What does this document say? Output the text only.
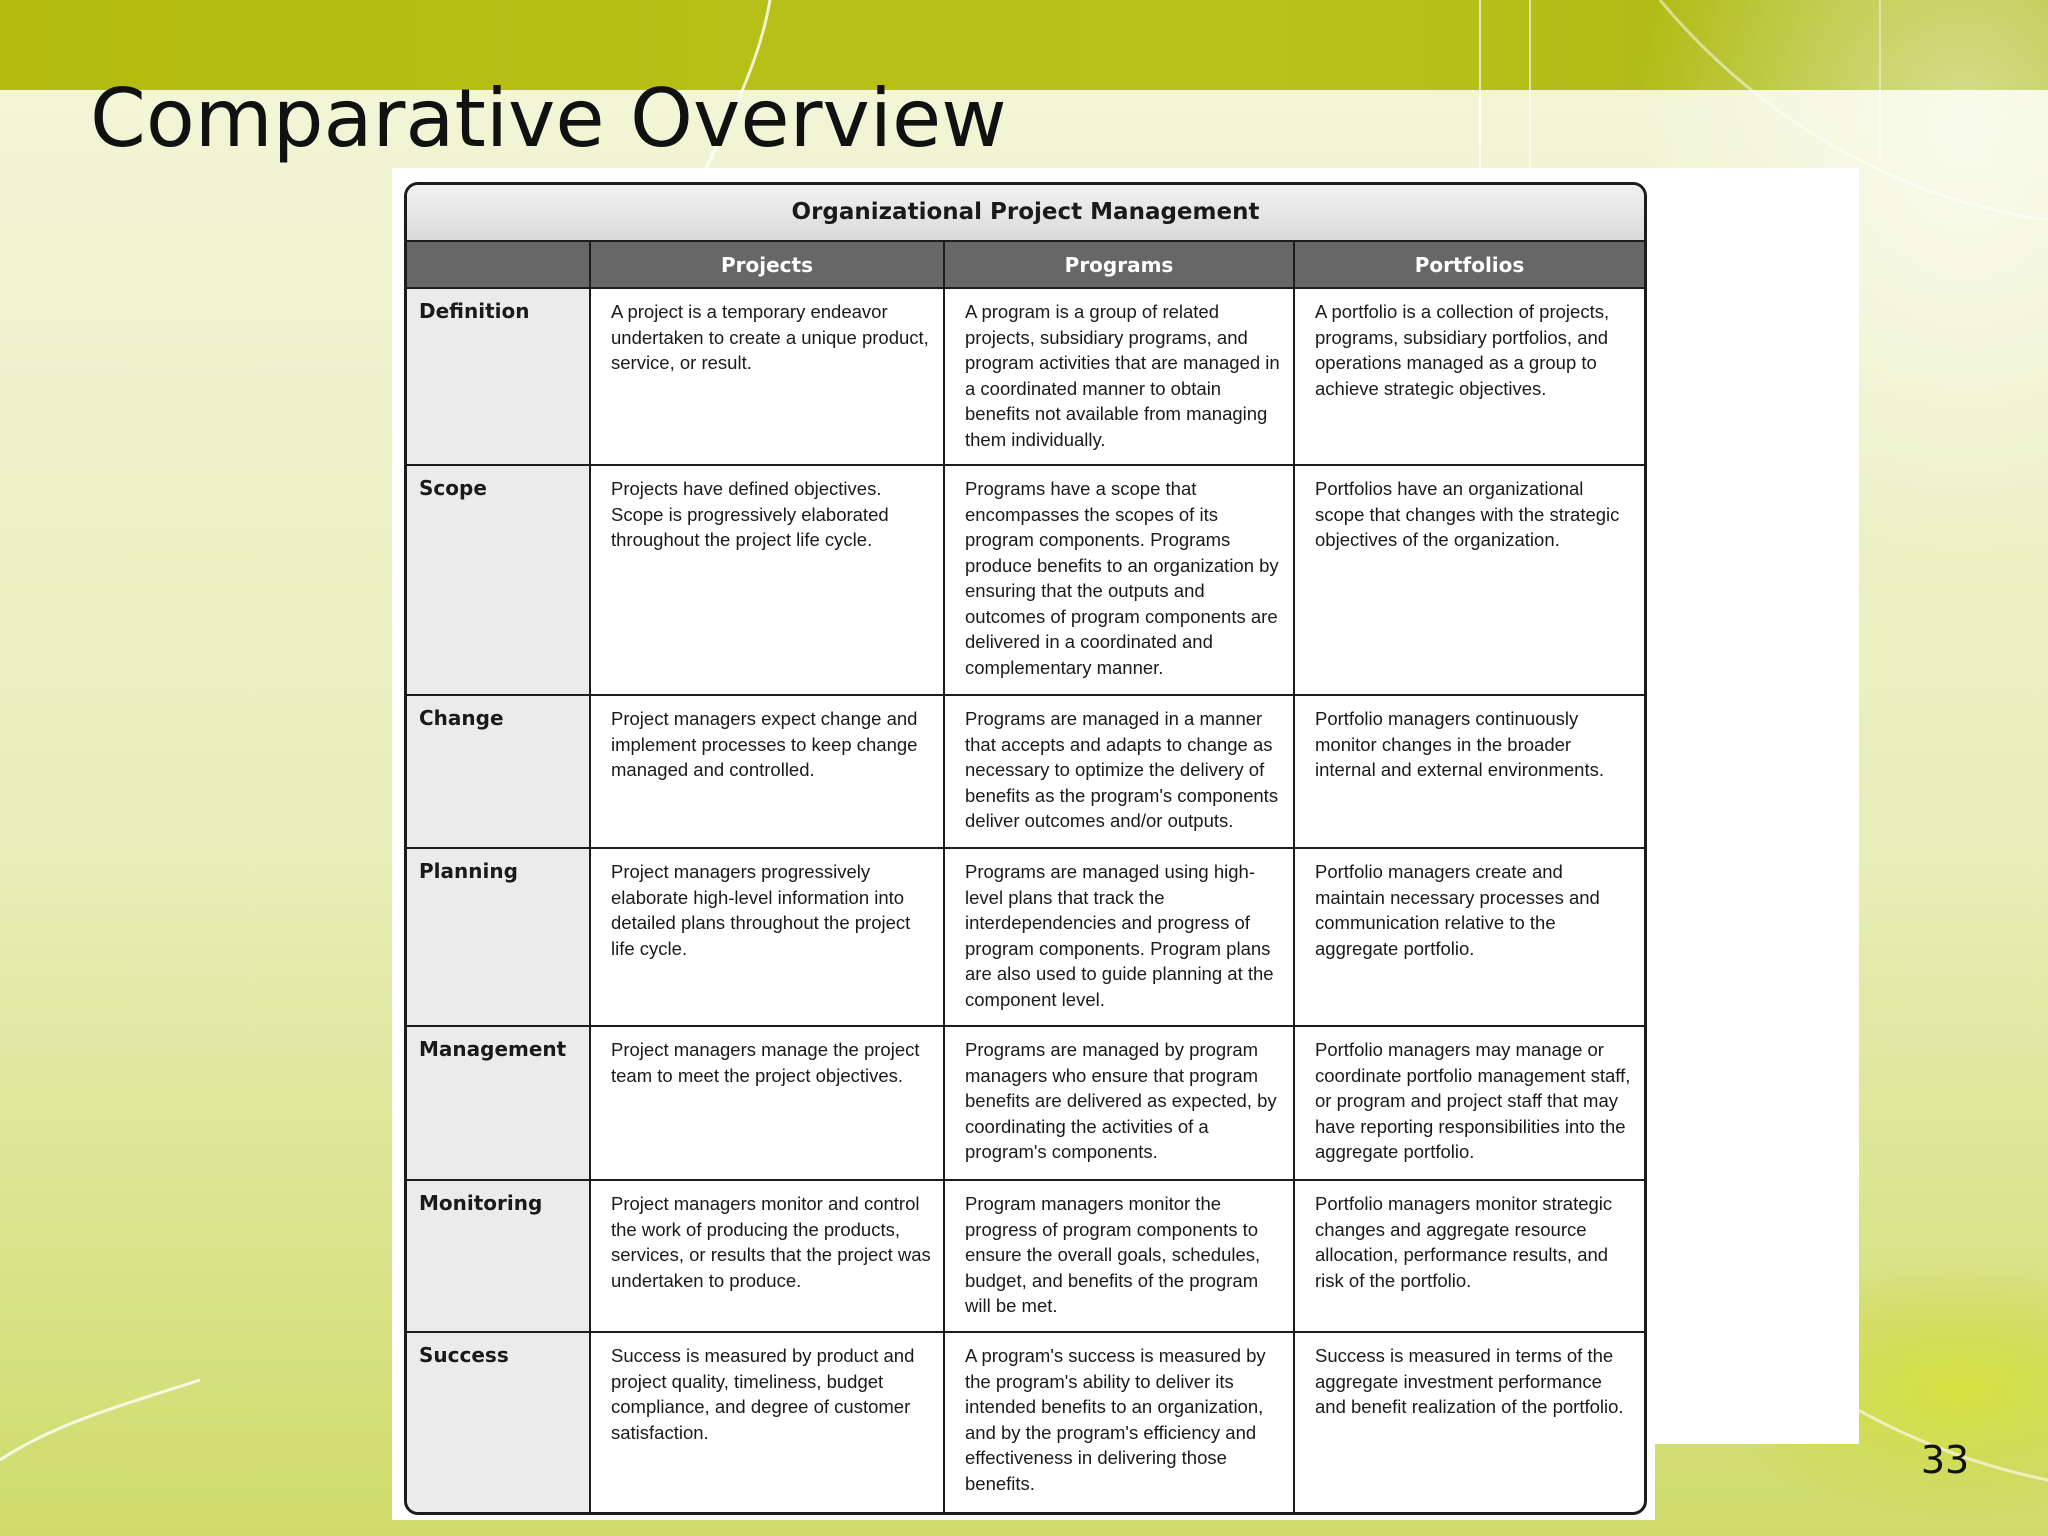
Comparative Overview
Organizational Project Management
	Projects	Programs	Portfolios
Definition	A project is a temporary endeavor undertaken to create a unique product, service, or result.	A program is a group of related projects, subsidiary programs, and program activities that are managed in a coordinated manner to obtain benefits not available from managing them individually.	A portfolio is a collection of projects, programs, subsidiary portfolios, and operations managed as a group to achieve strategic objectives.
Scope	Projects have defined objectives. Scope is progressively elaborated throughout the project life cycle.	Programs have a scope that encompasses the scopes of its program components. Programs produce benefits to an organization by ensuring that the outputs and outcomes of program components are delivered in a coordinated and complementary manner.	Portfolios have an organizational scope that changes with the strategic objectives of the organization.
Change	Project managers expect change and implement processes to keep change managed and controlled.	Programs are managed in a manner that accepts and adapts to change as necessary to optimize the delivery of benefits as the program's components deliver outcomes and/or outputs.	Portfolio managers continuously monitor changes in the broader internal and external environments.
Planning	Project managers progressively elaborate high-level information into detailed plans throughout the project life cycle.	Programs are managed using high-level plans that track the interdependencies and progress of program components. Program plans are also used to guide planning at the component level.	Portfolio managers create and maintain necessary processes and communication relative to the aggregate portfolio.
Management	Project managers manage the project team to meet the project objectives.	Programs are managed by program managers who ensure that program benefits are delivered as expected, by coordinating the activities of a program's components.	Portfolio managers may manage or coordinate portfolio management staff, or program and project staff that may have reporting responsibilities into the aggregate portfolio.
Monitoring	Project managers monitor and control the work of producing the products, services, or results that the project was undertaken to produce.	Program managers monitor the progress of program components to ensure the overall goals, schedules, budget, and benefits of the program will be met.	Portfolio managers monitor strategic changes and aggregate resource allocation, performance results, and risk of the portfolio.
Success	Success is measured by product and project quality, timeliness, budget compliance, and degree of customer satisfaction.	A program's success is measured by the program's ability to deliver its intended benefits to an organization, and by the program's efficiency and effectiveness in delivering those benefits.	Success is measured in terms of the aggregate investment performance and benefit realization of the portfolio.
33
